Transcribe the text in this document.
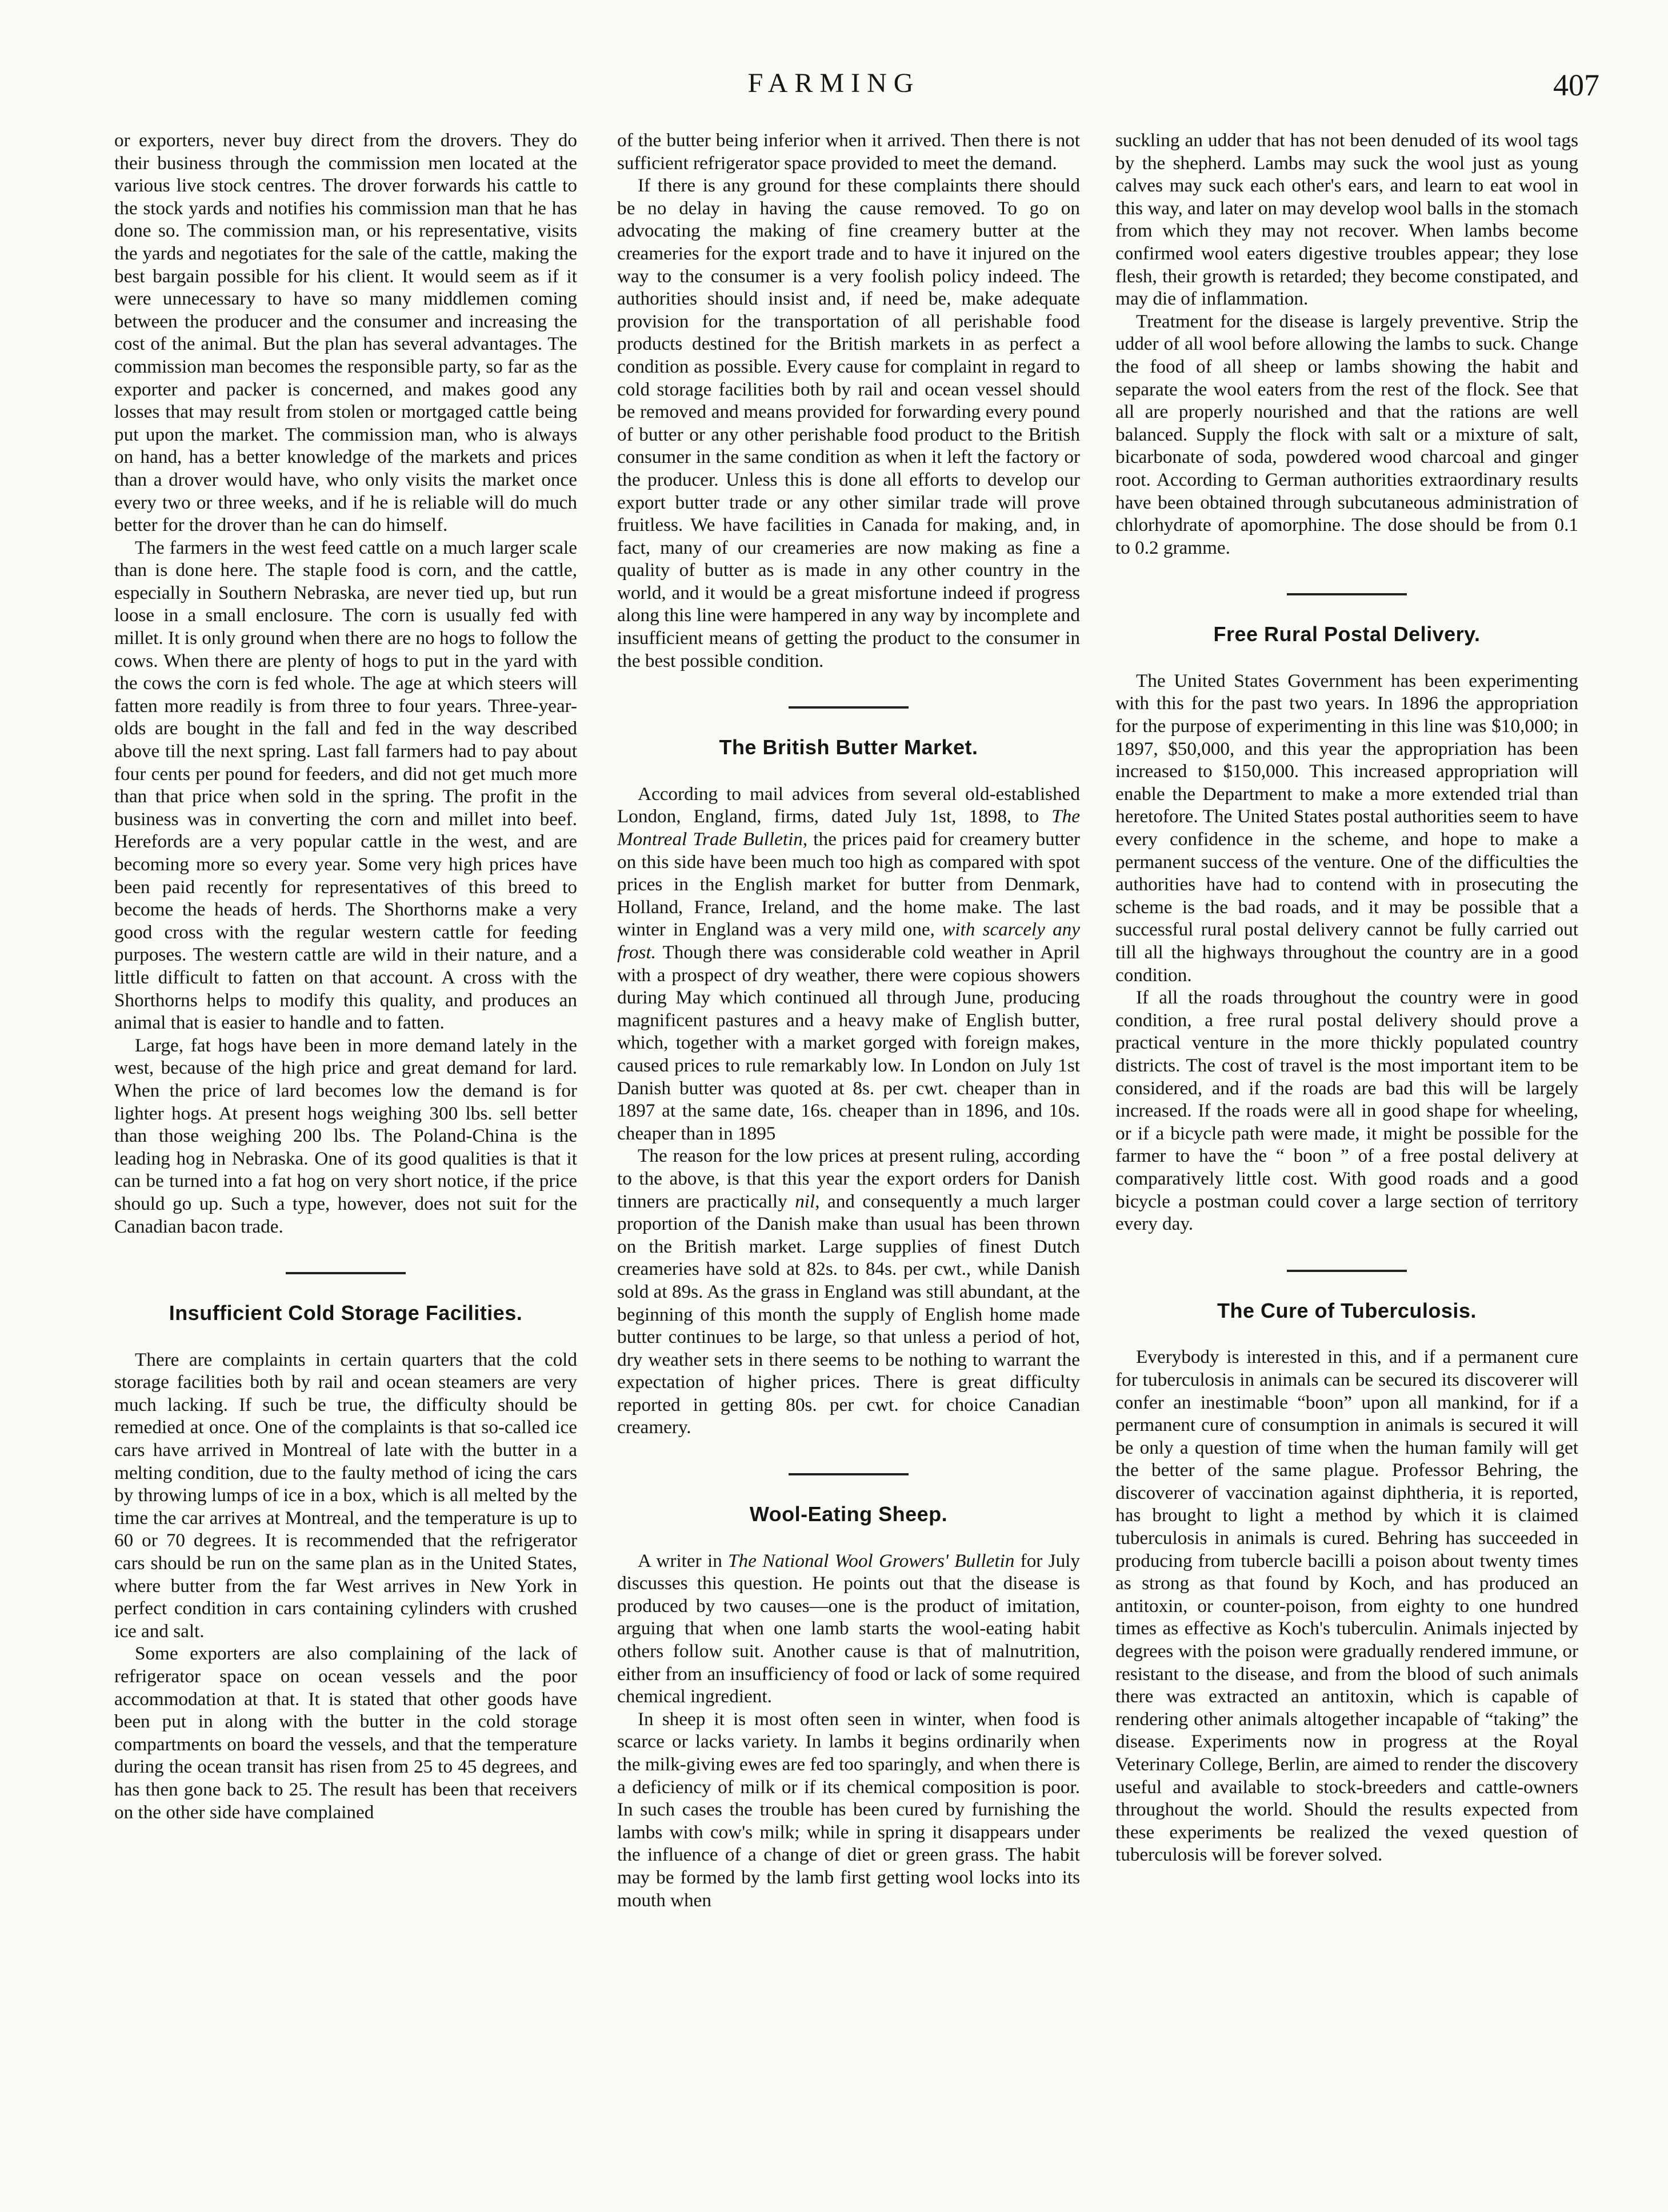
FARMING	407

or exporters, never buy direct from the drovers. They do their business through the commission men located at the various live stock centres. The drover forwards his cattle to the stock yards and notifies his commission man that he has done so. The commission man, or his representative, visits the yards and negotiates for the sale of the cattle, making the best bargain possible for his client. It would seem as if it were unnecessary to have so many middlemen coming between the producer and the consumer and increasing the cost of the animal. But the plan has several advantages. The commission man becomes the responsible party, so far as the exporter and packer is concerned, and makes good any losses that may result from stolen or mortgaged cattle being put upon the market. The commission man, who is always on hand, has a better knowledge of the markets and prices than a drover would have, who only visits the market once every two or three weeks, and if he is reliable will do much better for the drover than he can do himself.

The farmers in the west feed cattle on a much larger scale than is done here. The staple food is corn, and the cattle, especially in Southern Nebraska, are never tied up, but run loose in a small enclosure. The corn is usually fed with millet. It is only ground when there are no hogs to follow the cows. When there are plenty of hogs to put in the yard with the cows the corn is fed whole. The age at which steers will fatten more readily is from three to four years. Three-year-olds are bought in the fall and fed in the way described above till the next spring. Last fall farmers had to pay about four cents per pound for feeders, and did not get much more than that price when sold in the spring. The profit in the business was in converting the corn and millet into beef. Herefords are a very popular cattle in the west, and are becoming more so every year. Some very high prices have been paid recently for representatives of this breed to become the heads of herds. The Shorthorns make a very good cross with the regular western cattle for feeding purposes. The western cattle are wild in their nature, and a little difficult to fatten on that account. A cross with the Shorthorns helps to modify this quality, and produces an animal that is easier to handle and to fatten.

Large, fat hogs have been in more demand lately in the west, because of the high price and great demand for lard. When the price of lard becomes low the demand is for lighter hogs. At present hogs weighing 300 lbs. sell better than those weighing 200 lbs. The Poland-China is the leading hog in Nebraska. One of its good qualities is that it can be turned into a fat hog on very short notice, if the price should go up. Such a type, however, does not suit for the Canadian bacon trade.

Insufficient Cold Storage Facilities.

There are complaints in certain quarters that the cold storage facilities both by rail and ocean steamers are very much lacking. If such be true, the difficulty should be remedied at once. One of the complaints is that so-called ice cars have arrived in Montreal of late with the butter in a melting condition, due to the faulty method of icing the cars by throwing lumps of ice in a box, which is all melted by the time the car arrives at Montreal, and the temperature is up to 60 or 70 degrees. It is recommended that the refrigerator cars should be run on the same plan as in the United States, where butter from the far West arrives in New York in perfect condition in cars containing cylinders with crushed ice and salt.

Some exporters are also complaining of the lack of refrigerator space on ocean vessels and the poor accommodation at that. It is stated that other goods have been put in along with the butter in the cold storage compartments on board the vessels, and that the temperature during the ocean transit has risen from 25 to 45 degrees, and has then gone back to 25. The result has been that receivers on the other side have complained

of the butter being inferior when it arrived. Then there is not sufficient refrigerator space provided to meet the demand.

If there is any ground for these complaints there should be no delay in having the cause removed. To go on advocating the making of fine creamery butter at the creameries for the export trade and to have it injured on the way to the consumer is a very foolish policy indeed. The authorities should insist and, if need be, make adequate provision for the transportation of all perishable food products destined for the British markets in as perfect a condition as possible. Every cause for complaint in regard to cold storage facilities both by rail and ocean vessel should be removed and means provided for forwarding every pound of butter or any other perishable food product to the British consumer in the same condition as when it left the factory or the producer. Unless this is done all efforts to develop our export butter trade or any other similar trade will prove fruitless. We have facilities in Canada for making, and, in fact, many of our creameries are now making as fine a quality of butter as is made in any other country in the world, and it would be a great misfortune indeed if progress along this line were hampered in any way by incomplete and insufficient means of getting the product to the consumer in the best possible condition.

The British Butter Market.

According to mail advices from several old-established London, England, firms, dated July 1st, 1898, to The Montreal Trade Bulletin, the prices paid for creamery butter on this side have been much too high as compared with spot prices in the English market for butter from Denmark, Holland, France, Ireland, and the home make. The last winter in England was a very mild one, with scarcely any frost. Though there was considerable cold weather in April with a prospect of dry weather, there were copious showers during May which continued all through June, producing magnificent pastures and a heavy make of English butter, which, together with a market gorged with foreign makes, caused prices to rule remarkably low. In London on July 1st Danish butter was quoted at 8s. per cwt. cheaper than in 1897 at the same date, 16s. cheaper than in 1896, and 10s. cheaper than in 1895

The reason for the low prices at present ruling, according to the above, is that this year the export orders for Danish tinners are practically nil, and consequently a much larger proportion of the Danish make than usual has been thrown on the British market. Large supplies of finest Dutch creameries have sold at 82s. to 84s. per cwt., while Danish sold at 89s. As the grass in England was still abundant, at the beginning of this month the supply of English home made butter continues to be large, so that unless a period of hot, dry weather sets in there seems to be nothing to warrant the expectation of higher prices. There is great difficulty reported in getting 80s. per cwt. for choice Canadian creamery.

Wool-Eating Sheep.

A writer in The National Wool Growers' Bulletin for July discusses this question. He points out that the disease is produced by two causes—one is the product of imitation, arguing that when one lamb starts the wool-eating habit others follow suit. Another cause is that of malnutrition, either from an insufficiency of food or lack of some required chemical ingredient.

In sheep it is most often seen in winter, when food is scarce or lacks variety. In lambs it begins ordinarily when the milk-giving ewes are fed too sparingly, and when there is a deficiency of milk or if its chemical composition is poor. In such cases the trouble has been cured by furnishing the lambs with cow's milk; while in spring it disappears under the influence of a change of diet or green grass. The habit may be formed by the lamb first getting wool locks into its mouth when

suckling an udder that has not been denuded of its wool tags by the shepherd. Lambs may suck the wool just as young calves may suck each other's ears, and learn to eat wool in this way, and later on may develop wool balls in the stomach from which they may not recover. When lambs become confirmed wool eaters digestive troubles appear; they lose flesh, their growth is retarded; they become constipated, and may die of inflammation.

Treatment for the disease is largely preventive. Strip the udder of all wool before allowing the lambs to suck. Change the food of all sheep or lambs showing the habit and separate the wool eaters from the rest of the flock. See that all are properly nourished and that the rations are well balanced. Supply the flock with salt or a mixture of salt, bicarbonate of soda, powdered wood charcoal and ginger root. According to German authorities extraordinary results have been obtained through subcutaneous administration of chlorhydrate of apomorphine. The dose should be from 0.1 to 0.2 gramme.

Free Rural Postal Delivery.

The United States Government has been experimenting with this for the past two years. In 1896 the appropriation for the purpose of experimenting in this line was $10,000; in 1897, $50,000, and this year the appropriation has been increased to $150,000. This increased appropriation will enable the Department to make a more extended trial than heretofore. The United States postal authorities seem to have every confidence in the scheme, and hope to make a permanent success of the venture. One of the difficulties the authorities have had to contend with in prosecuting the scheme is the bad roads, and it may be possible that a successful rural postal delivery cannot be fully carried out till all the highways throughout the country are in a good condition.

If all the roads throughout the country were in good condition, a free rural postal delivery should prove a practical venture in the more thickly populated country districts. The cost of travel is the most important item to be considered, and if the roads are bad this will be largely increased. If the roads were all in good shape for wheeling, or if a bicycle path were made, it might be possible for the farmer to have the “ boon ” of a free postal delivery at comparatively little cost. With good roads and a good bicycle a postman could cover a large section of territory every day.

The Cure of Tuberculosis.

Everybody is interested in this, and if a permanent cure for tuberculosis in animals can be secured its discoverer will confer an inestimable “boon” upon all mankind, for if a permanent cure of consumption in animals is secured it will be only a question of time when the human family will get the better of the same plague. Professor Behring, the discoverer of vaccination against diphtheria, it is reported, has brought to light a method by which it is claimed tuberculosis in animals is cured. Behring has succeeded in producing from tubercle bacilli a poison about twenty times as strong as that found by Koch, and has produced an antitoxin, or counter-poison, from eighty to one hundred times as effective as Koch's tuberculin. Animals injected by degrees with the poison were gradually rendered immune, or resistant to the disease, and from the blood of such animals there was extracted an antitoxin, which is capable of rendering other animals altogether incapable of “taking” the disease. Experiments now in progress at the Royal Veterinary College, Berlin, are aimed to render the discovery useful and available to stock-breeders and cattle-owners throughout the world. Should the results expected from these experiments be realized the vexed question of tuberculosis will be forever solved.
